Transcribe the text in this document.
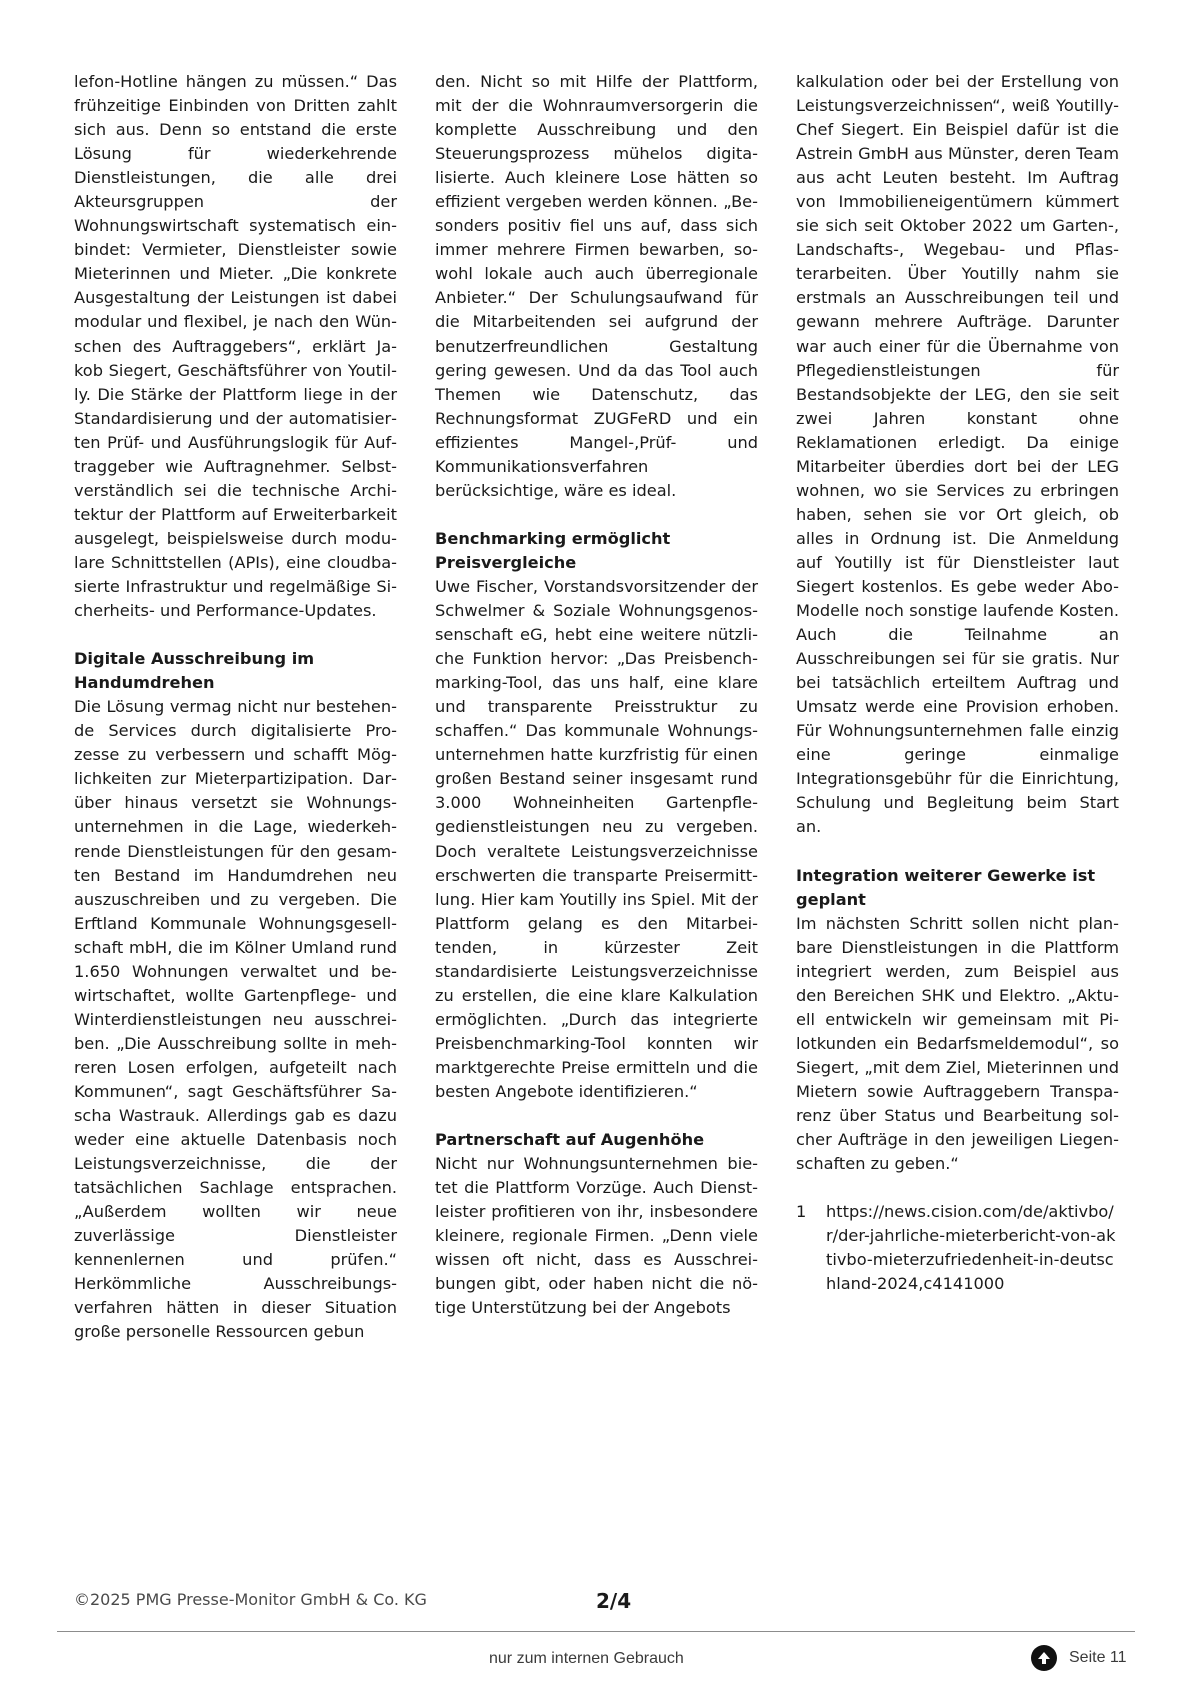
lefon-Hotline hängen zu müssen.“ Das frühzeitige Einbinden von Dritten zahlt sich aus. Denn so entstand die erste Lösung für wiederkehrende Dienstleistungen, die alle drei Akteursgruppen der Wohnungswirtschaft systematisch einbindet: Vermieter, Dienstleister sowie Mieterinnen und Mieter. „Die konkrete Ausgestaltung der Leistungen ist dabei modular und flexibel, je nach den Wünschen des Auftraggebers“, erklärt Jakob Siegert, Geschäftsführer von Youtilly. Die Stärke der Plattform liege in der Standardisierung und der automatisierten Prüf- und Ausführungslogik für Auftraggeber wie Auftragnehmer. Selbstverständlich sei die technische Architektur der Plattform auf Erweiterbarkeit ausgelegt, beispielsweise durch modulare Schnittstellen (APIs), eine cloudbasierte Infrastruktur und regelmäßige Sicherheits- und Performance-Updates.

Digitale Ausschreibung im Handumdrehen

Die Lösung vermag nicht nur bestehende Services durch digitalisierte Prozesse zu verbessern und schafft Möglichkeiten zur Mieterpartizipation. Darüber hinaus versetzt sie Wohnungsunternehmen in die Lage, wiederkehrende Dienstleistungen für den gesamten Bestand im Handumdrehen neu auszuschreiben und zu vergeben. Die Erftland Kommunale Wohnungsgesellschaft mbH, die im Kölner Umland rund 1.650 Wohnungen verwaltet und bewirtschaftet, wollte Gartenpflege- und Winterdienstleistungen neu ausschreiben. „Die Ausschreibung sollte in mehreren Losen erfolgen, aufgeteilt nach Kommunen“, sagt Geschäftsführer Sascha Wastrauk. Allerdings gab es dazu weder eine aktuelle Datenbasis noch Leistungsverzeichnisse, die der tatsächlichen Sachlage entsprachen. „Außerdem wollten wir neue zuverlässige Dienstleister kennenlernen und prüfen.“ Herkömmliche Ausschreibungsverfahren hätten in dieser Situation große personelle Ressourcen gebun

den. Nicht so mit Hilfe der Plattform, mit der die Wohnraumversorgerin die komplette Ausschreibung und den Steuerungsprozess mühelos digitalisierte. Auch kleinere Lose hätten so effizient vergeben werden können. „Besonders positiv fiel uns auf, dass sich immer mehrere Firmen bewarben, sowohl lokale auch auch überregionale Anbieter.“ Der Schulungsaufwand für die Mitarbeitenden sei aufgrund der benutzerfreundlichen Gestaltung gering gewesen. Und da das Tool auch Themen wie Datenschutz, das Rechnungsformat ZUGFeRD und ein effizientes Mangel-,Prüf- und Kommunikationsverfahren berücksichtige, wäre es ideal.

Benchmarking ermöglicht Preisvergleiche

Uwe Fischer, Vorstandsvorsitzender der Schwelmer & Soziale Wohnungsgenossenschaft eG, hebt eine weitere nützliche Funktion hervor: „Das Preisbenchmarking-Tool, das uns half, eine klare und transparente Preisstruktur zu schaffen.“ Das kommunale Wohnungsunternehmen hatte kurzfristig für einen großen Bestand seiner insgesamt rund 3.000 Wohneinheiten Gartenpflegedienstleistungen neu zu vergeben. Doch veraltete Leistungsverzeichnisse erschwerten die transparte Preisermittlung. Hier kam Youtilly ins Spiel. Mit der Plattform gelang es den Mitarbeitenden, in kürzester Zeit standardisierte Leistungsverzeichnisse zu erstellen, die eine klare Kalkulation ermöglichten. „Durch das integrierte Preisbenchmarking-Tool konnten wir marktgerechte Preise ermitteln und die besten Angebote identifizieren.“

Partnerschaft auf Augenhöhe

Nicht nur Wohnungsunternehmen bietet die Plattform Vorzüge. Auch Dienstleister profitieren von ihr, insbesondere kleinere, regionale Firmen. „Denn viele wissen oft nicht, dass es Ausschreibungen gibt, oder haben nicht die nötige Unterstützung bei der Angebots

kalkulation oder bei der Erstellung von Leistungsverzeichnissen“, weiß Youtilly-Chef Siegert. Ein Beispiel dafür ist die Astrein GmbH aus Münster, deren Team aus acht Leuten besteht. Im Auftrag von Immobilieneigentümern kümmert sie sich seit Oktober 2022 um Garten-, Landschafts-, Wegebau- und Pflasterarbeiten. Über Youtilly nahm sie erstmals an Ausschreibungen teil und gewann mehrere Aufträge. Darunter war auch einer für die Übernahme von Pflegedienstleistungen für Bestandsobjekte der LEG, den sie seit zwei Jahren konstant ohne Reklamationen erledigt. Da einige Mitarbeiter überdies dort bei der LEG wohnen, wo sie Services zu erbringen haben, sehen sie vor Ort gleich, ob alles in Ordnung ist. Die Anmeldung auf Youtilly ist für Dienstleister laut Siegert kostenlos. Es gebe weder Abo-Modelle noch sonstige laufende Kosten. Auch die Teilnahme an Ausschreibungen sei für sie gratis. Nur bei tatsächlich erteiltem Auftrag und Umsatz werde eine Provision erhoben. Für Wohnungsunternehmen falle einzig eine geringe einmalige Integrationsgebühr für die Einrichtung, Schulung und Begleitung beim Start an.

Integration weiterer Gewerke ist geplant

Im nächsten Schritt sollen nicht planbare Dienstleistungen in die Plattform integriert werden, zum Beispiel aus den Bereichen SHK und Elektro. „Aktuell entwickeln wir gemeinsam mit Pilotkunden ein Bedarfsmeldemodul“, so Siegert, „mit dem Ziel, Mieterinnen und Mietern sowie Auftraggebern Transparenz über Status und Bearbeitung solcher Aufträge in den jeweiligen Liegenschaften zu geben.“

1	https://news.cision.com/de/aktivbo/r/der-jahrliche-mieterbericht-von-aktivbo-mieterzufriedenheit-in-deutschland-2024,c4141000
©2025 PMG Presse-Monitor GmbH & Co. KG	2/4
nur zum internen Gebrauch	Seite 11
